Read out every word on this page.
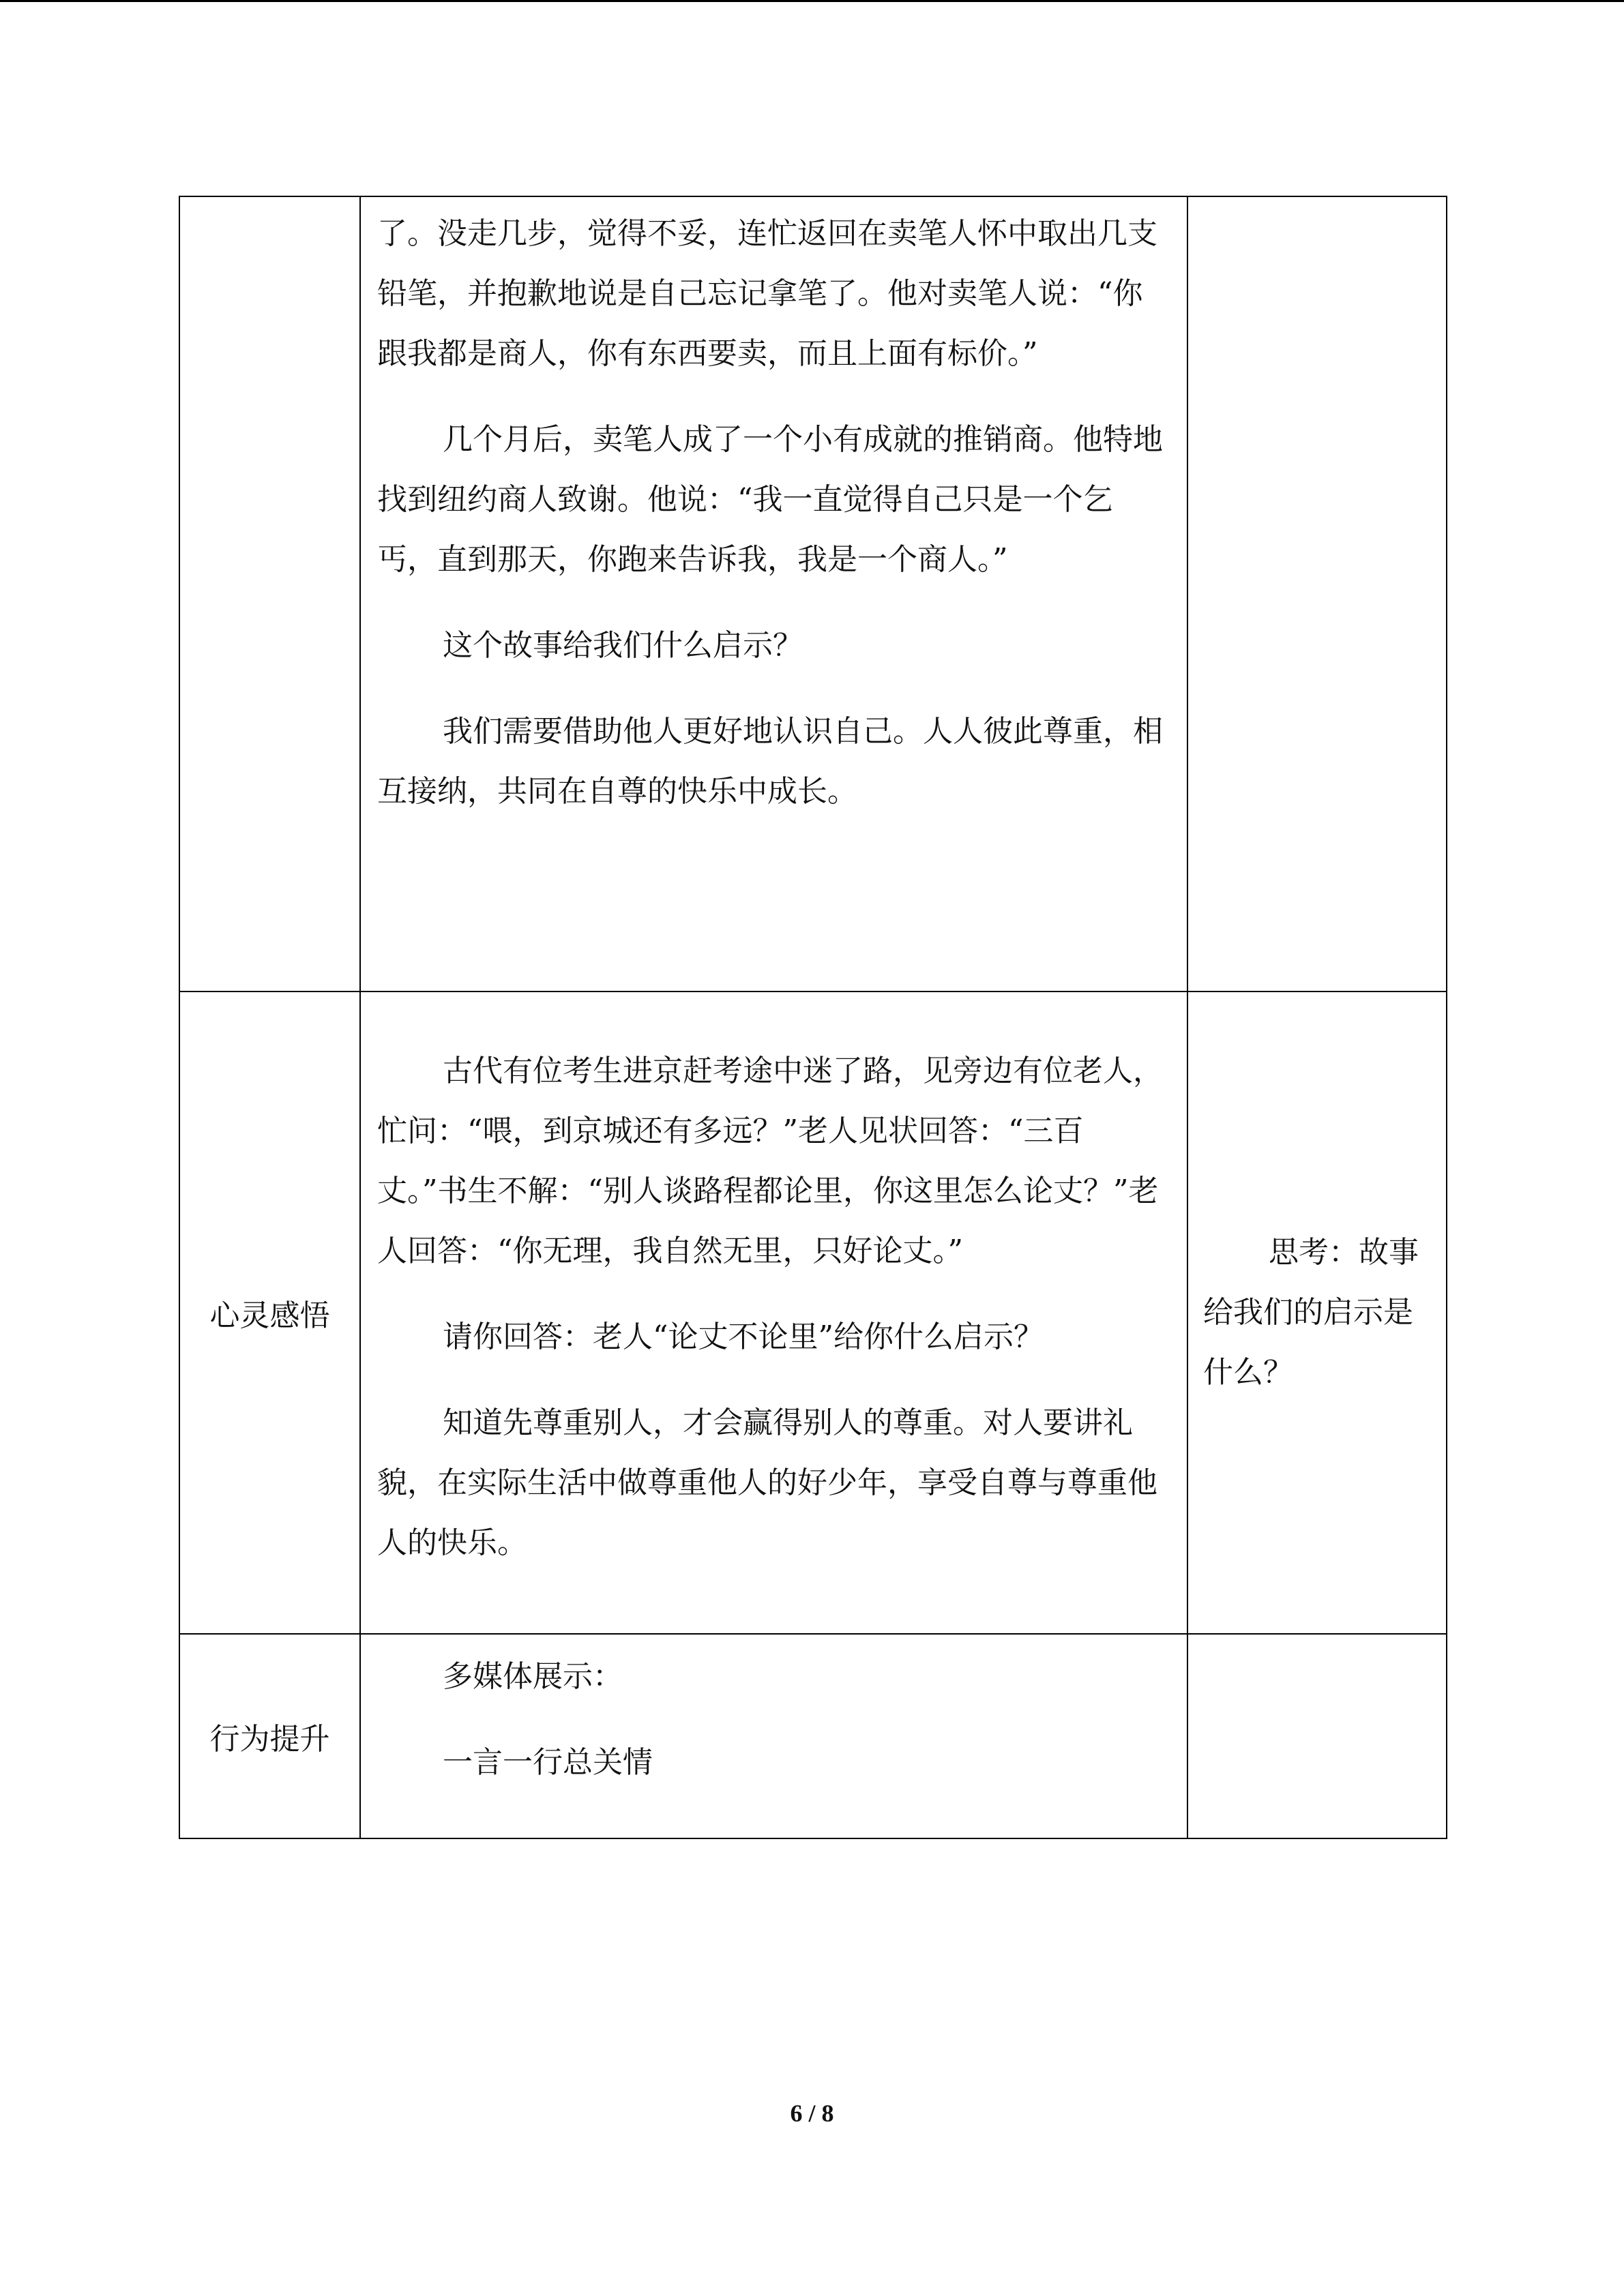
	了。没走几步，觉得不妥，连忙返回在卖笔人怀中取出几支铅笔，并抱歉地说是自己忘记拿笔了。他对卖笔人说：“你跟我都是商人，你有东西要卖，而且上面有标价。”

几个月后，卖笔人成了一个小有成就的推销商。他特地找到纽约商人致谢。他说：“我一直觉得自己只是一个乞丐，直到那天，你跑来告诉我，我是一个商人。”

这个故事给我们什么启示？

我们需要借助他人更好地认识自己。人人彼此尊重，相互接纳，共同在自尊的快乐中成长。	

心灵感悟	古代有位考生进京赶考途中迷了路，见旁边有位老人，忙问：“喂，到京城还有多远？”老人见状回答：“三百丈。”书生不解：“别人谈路程都论里，你这里怎么论丈？”老人回答：“你无理，我自然无里，只好论丈。”

请你回答：老人“论丈不论里”给你什么启示？

知道先尊重别人，才会赢得别人的尊重。对人要讲礼貌，在实际生活中做尊重他人的好少年，享受自尊与尊重他人的快乐。	思考：故事给我们的启示是什么？

行为提升	多媒体展示：

一言一行总关情	

6 / 8
